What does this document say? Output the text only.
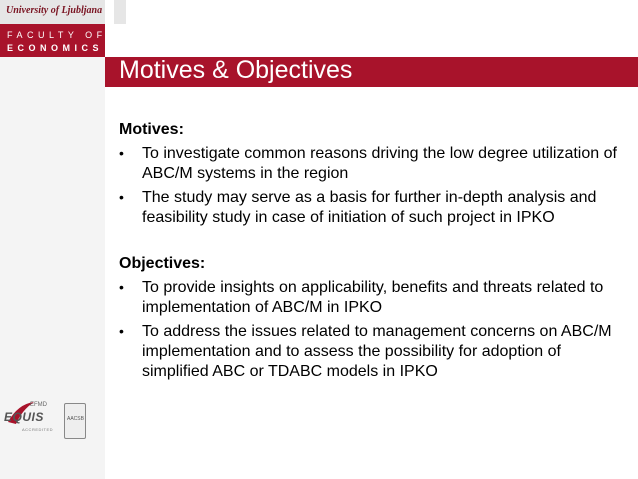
University of Ljubljana
FACULTY OF
ECONOMICS
Motives & Objectives
Motives:
• To investigate common reasons driving the low degree utilization of ABC/M systems in the region
• The study may serve as a basis for further in-depth analysis and feasibility study in case of initiation of such project in IPKO
Objectives:
• To provide insights on applicability, benefits and threats related to implementation of ABC/M in IPKO
• To address the issues related to management concerns on ABC/M implementation and to assess the possibility for adoption of simplified ABC or TDABC models in IPKO
EFMD
EQUIS
ACCREDITED
AACSB
